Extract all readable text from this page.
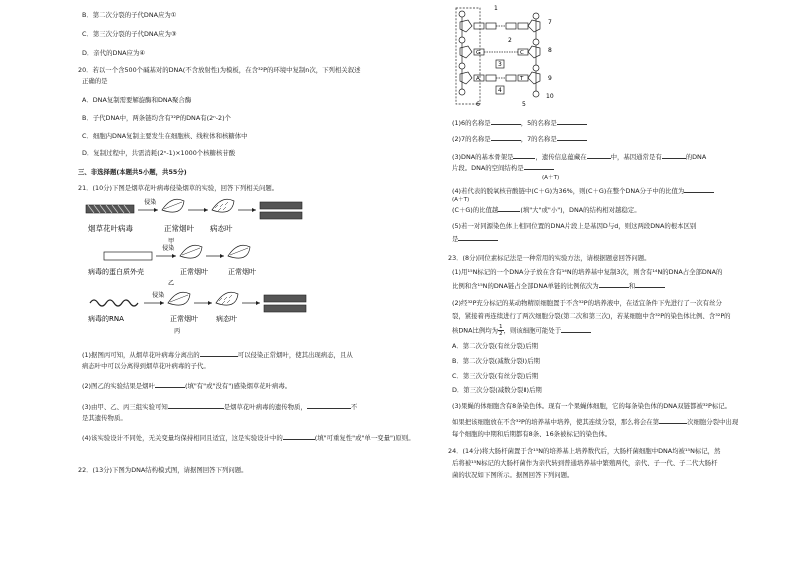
B．第二次分裂的子代DNA应为①
C．第三次分裂的子代DNA应为③
D．亲代的DNA应为④
20．若以一个含500个碱基对的DNA(不含放射性)为模板，在含³²P的环境中复制n次，下列相关叙述
正确的是
A．DNA复制需要解旋酶和DNA聚合酶
B．子代DNA中，两条链均含有³²P的DNA有(2ⁿ-2)个
C．细胞内DNA复制主要发生在细胞核、线粒体和核糖体中
D．复制过程中，共需消耗(2ⁿ-1)×1000个核糖核苷酸
三、非选择题(本题共5小题，共55分)
21．(10分)下图是烟草花叶病毒侵染烟草的实验，回答下列相关问题。
烟草花叶病毒
侵染
正常烟叶 病态叶
甲
侵染
病毒的蛋白质外壳	正常烟叶	正常烟叶
乙
侵染
病毒的RNA	正常烟叶	病态叶
丙
(1)据图丙可知，从烟草花叶病毒分离出的	可以侵染正常烟叶，使其出现病态，且从
病态叶中可以分离得到烟草花叶病毒的子代。
(2)图乙的实验结果是烟叶	(填"有"或"没有")感染烟草花叶病毒。
(3)由甲、乙、丙三组实验可知	是烟草花叶病毒的遗传物质，	不
是其遗传物质。
(4)该实验设计不同处，无关变量均保持相同且适宜，这是实验设计中的	(填"可重复性"或"单一变量")原则。
22．(13分)下图为DNA结构模式图，请据图回答下列问题。
1
2
3
4
5
6
7
8
9
10
A	T
G	C
(1)6的名称是	，5的名称是
(2)7的名称是	，7的名称是
(3)DNA的基本骨架是	，遗传信息蕴藏在	中，基因通常是有	的DNA
片段。DNA的空间结构是
(A＋T)
(4)若代表的脱氧核苷酸链中(C＋G)为36%，则(C＋G)在整个DNA分子中的比值为
(A＋T)
(C＋G)的比值越	(填"大"或"小")，DNA的结构相对越稳定。
(5)若一对同源染色体上相同位置的DNA片段上是基因D与d，则这两段DNA的根本区别
是
23．(8分)同位素标记法是一种常用的实验方法，请根据题意回答问题。
(1)用¹⁵N标记的一个DNA分子放在含有¹⁴N的培养基中复制3次，则含有¹⁴N的DNA占全部DNA的
比例和含¹⁵N的DNA链占全部DNA单链的比例依次为	和
(2)经³²P充分标记的某动物精原细胞置于不含³²P的培养液中，在适宜条件下先进行了一次有丝分
裂，紧接着再连续进行了两次细胞分裂(第二次和第三次)，若某细胞中含³²P的染色体比例、含³²P的
核DNA比例均为 $\frac{1}{2}$ ，则该细胞可能处于
A．第二次分裂(有丝分裂)后期
B．第二次分裂(减数分裂Ⅰ)后期
C．第三次分裂(有丝分裂)后期
D．第三次分裂(减数分裂Ⅱ)后期
(3)果蝇的体细胞含有8条染色体。现有一个果蝇体细胞，它的每条染色体的DNA双链都被³²P标记。
如果把该细胞放在不含³²P的培养基中培养，使其连续分裂，那么将会在第	次细胞分裂中出现
每个细胞的中期和后期都有8条、16条被标记的染色体。
24．(14分)将大肠杆菌置于含¹⁵N的培养基上培养数代后，大肠杆菌细胞中DNA均被¹⁵N标记，然
后将被¹⁵N标记的大肠杆菌作为亲代转到普通培养基中繁殖两代，亲代、子一代、子二代大肠杆
菌的状况如下图所示。据图回答下列问题。
